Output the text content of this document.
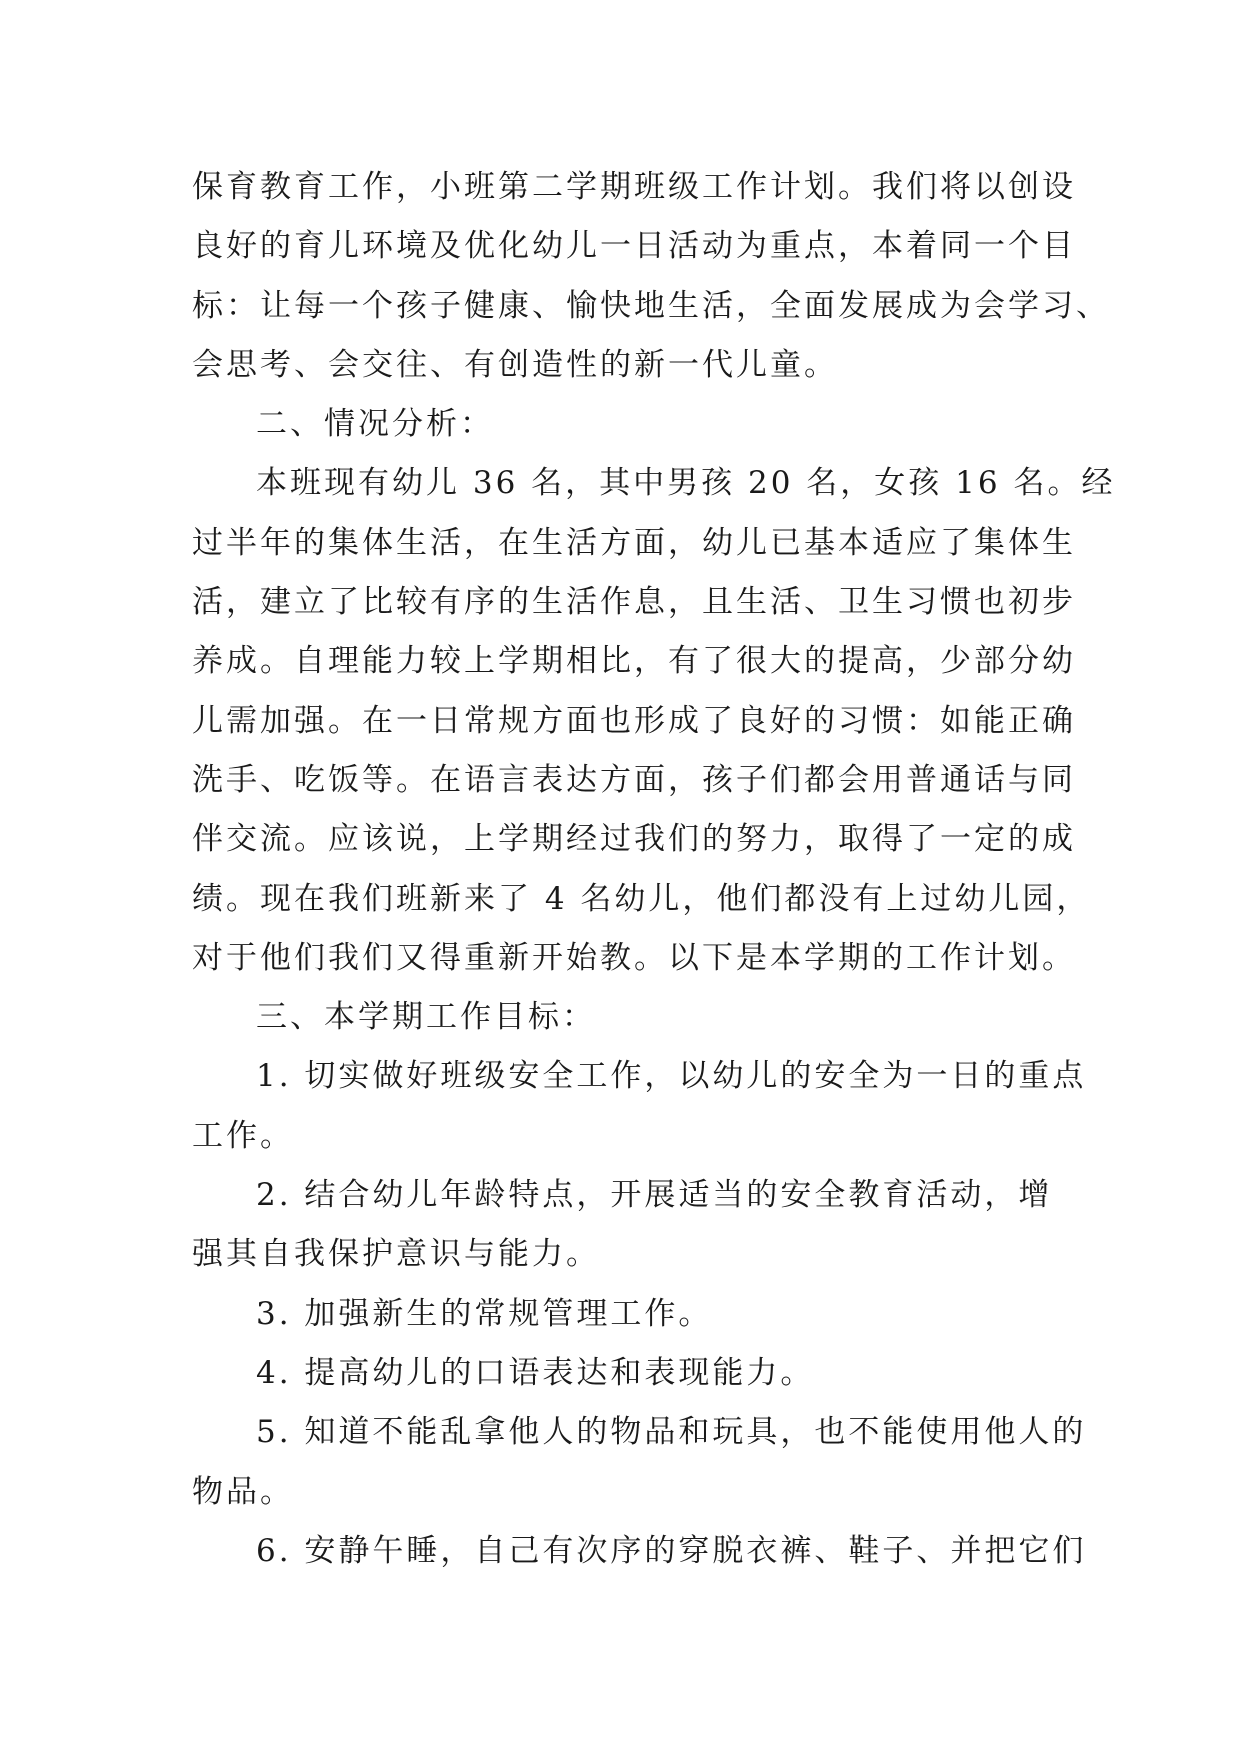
保育教育工作，小班第二学期班级工作计划。我们将以创设
良好的育儿环境及优化幼儿一日活动为重点，本着同一个目
标：让每一个孩子健康、愉快地生活，全面发展成为会学习、
会思考、会交往、有创造性的新一代儿童。
二、情况分析：
本班现有幼儿 36 名，其中男孩 20 名，女孩 16 名。经
过半年的集体生活，在生活方面，幼儿已基本适应了集体生
活，建立了比较有序的生活作息，且生活、卫生习惯也初步
养成。自理能力较上学期相比，有了很大的提高，少部分幼
儿需加强。在一日常规方面也形成了良好的习惯：如能正确
洗手、吃饭等。在语言表达方面，孩子们都会用普通话与同
伴交流。应该说，上学期经过我们的努力，取得了一定的成
绩。现在我们班新来了 4 名幼儿，他们都没有上过幼儿园，
对于他们我们又得重新开始教。以下是本学期的工作计划。
三、本学期工作目标：
1. 切实做好班级安全工作，以幼儿的安全为一日的重点
工作。
2. 结合幼儿年龄特点，开展适当的安全教育活动，增
强其自我保护意识与能力。
3. 加强新生的常规管理工作。
4. 提高幼儿的口语表达和表现能力。
5. 知道不能乱拿他人的物品和玩具，也不能使用他人的
物品。
6. 安静午睡，自己有次序的穿脱衣裤、鞋子、并把它们
